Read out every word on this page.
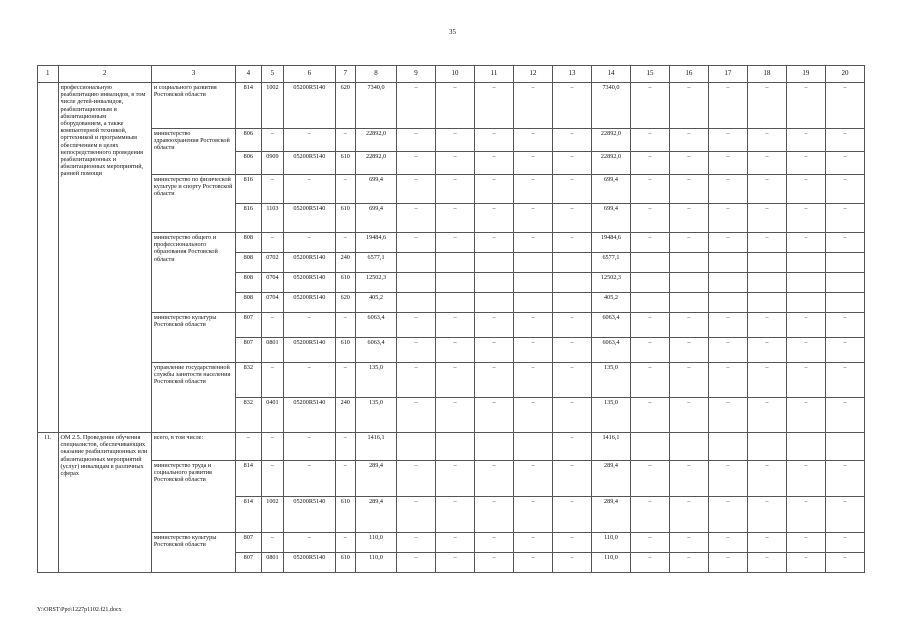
35
1	2	3	4	5	6	7	8	9	10	11	12	13	14	15	16	17	18	19	20
	профессиональную реабилитацию инвалидов, в том числе детей-инвалидов, реабилитационным и абилитационным оборудованием, а также компьютерной техникой, оргтехникой и программным обеспечением в целях непосредственного проведения реабилитационных и абилитационных мероприятий, ранней помощи	и социального развития Ростовской области	814	1002	05200R5140	620	7340,0	–	–	–	–	–	7340,0	–	–	–	–	–	–
		министерство здравоохранения Ростовской области	806	–	–	–	22892,0	–	–	–	–	–	22892,0	–	–	–	–	–	–
			806	0909	05200R5140	610	22892,0	–	–	–	–	–	22892,0	–	–	–	–	–	–
		министерство по физической культуре и спорту Ростовской области	816	–	–	–	699,4	–	–	–	–	–	699,4	–	–	–	–	–	–
			816	1103	05200R5140	610	699,4	–	–	–	–	–	699,4	–	–	–	–	–	–
		министерство общего и профессионального образования Ростовской области	808	–	–	–	19484,6	–	–	–	–	–	19484,6	–	–	–	–	–	–
			808	0702	05200R5140	240	6577,1						6577,1						
			808	0704	05200R5140	610	12502,3						12502,3						
			808	0704	05200R5140	620	405,2						405,2						
		министерство культуры Ростовской области	807	–	–	–	6063,4	–	–	–	–	–	6063,4	–	–	–	–	–	–
			807	0801	05200R5140	610	6063,4	–	–	–	–	–	6063,4	–	–	–	–	–	–
		управление государственной службы занятости населения Ростовской области	832	–	–	–	135,0	–	–	–	–	–	135,0	–	–	–	–	–	–
			832	0401	05200R5140	240	135,0	–	–	–	–	–	135,0	–	–	–	–	–	–
11.	ОМ 2.5. Проведение обучения специалистов, обеспечивающих оказание реабилитационных или абилитационных мероприятий (услуг) инвалидам в различных сферах	всего, в том числе:	–	–	–	–	1416,1					–	1416,1						
		министерство труда и социального развития Ростовской области	814	–	–	–	289,4	–	–	–	–	–	289,4	–	–	–	–	–	–
			814	1002	05200R5140	610	289,4	–	–	–	–	–	289,4	–	–	–	–	–	–
		министерство культуры Ростовской области	807	–	–	–	110,0	–	–	–	–	–	110,0	–	–	–	–	–	–
			807	0801	05200R5140	610	110,0	–	–	–	–	–	110,0	–	–	–	–	–	–
Y:\ORST\Ppo\1227p1102.f21.docx
